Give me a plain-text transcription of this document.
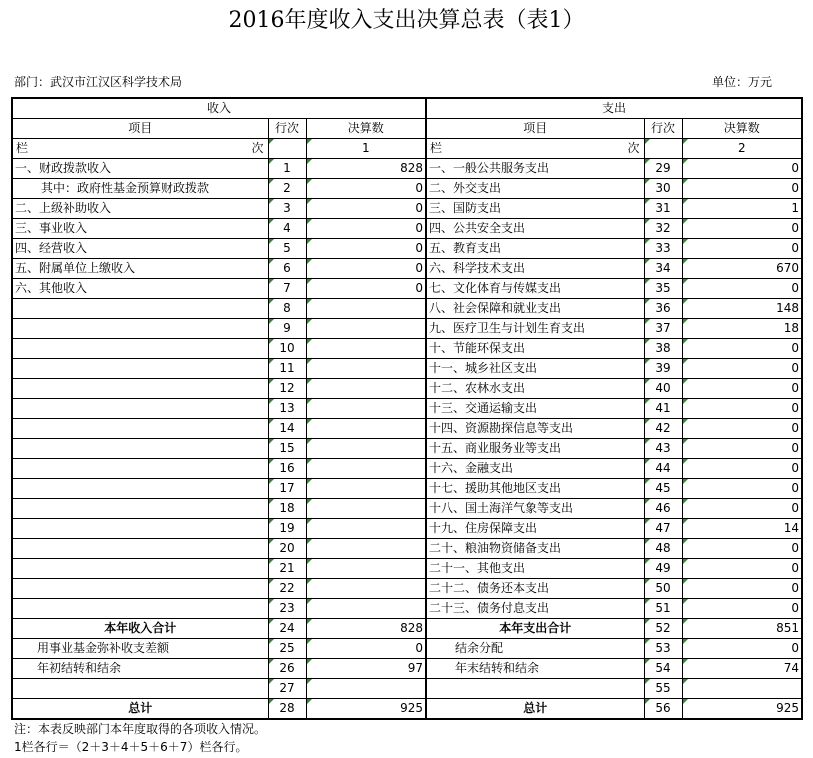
2016年度收入支出决算总表（表1）
部门：武汉市江汉区科学技术局	单位：万元
收入			支出		
项目	行次	决算数	项目	行次	决算数

栏 次		1	栏 次		2
一、财政拨款收入	1	828	一、一般公共服务支出	29	0
其中：政府性基金预算财政拨款	2	0	二、外交支出	30	0
二、上级补助收入	3	0	三、国防支出	31	1
三、事业收入	4	0	四、公共安全支出	32	0
四、经营收入	5	0	五、教育支出	33	0
五、附属单位上缴收入	6	0	六、科学技术支出	34	670
六、其他收入	7	0	七、文化体育与传媒支出	35	0
	8		八、社会保障和就业支出	36	148
	9		九、医疗卫生与计划生育支出	37	18
	10		十、节能环保支出	38	0
	11		十一、城乡社区支出	39	0
	12		十二、农林水支出	40	0
	13		十三、交通运输支出	41	0
	14		十四、资源勘探信息等支出	42	0
	15		十五、商业服务业等支出	43	0
	16		十六、金融支出	44	0
	17		十七、援助其他地区支出	45	0
	18		十八、国土海洋气象等支出	46	0
	19		十九、住房保障支出	47	14
	20		二十、粮油物资储备支出	48	0
	21		二十一、其他支出	49	0
	22		二十二、债务还本支出	50	0
	23		二十三、债务付息支出	51	0
本年收入合计	24	828	本年支出合计	52	851
用事业基金弥补收支差额	25	0	结余分配	53	0
年初结转和结余	26	97	年末结转和结余	54	74
	27			55	
总计	28	925	总计	56	925
注：本表反映部门本年度取得的各项收入情况。
1栏各行＝（2＋3＋4＋5＋6＋7）栏各行。
